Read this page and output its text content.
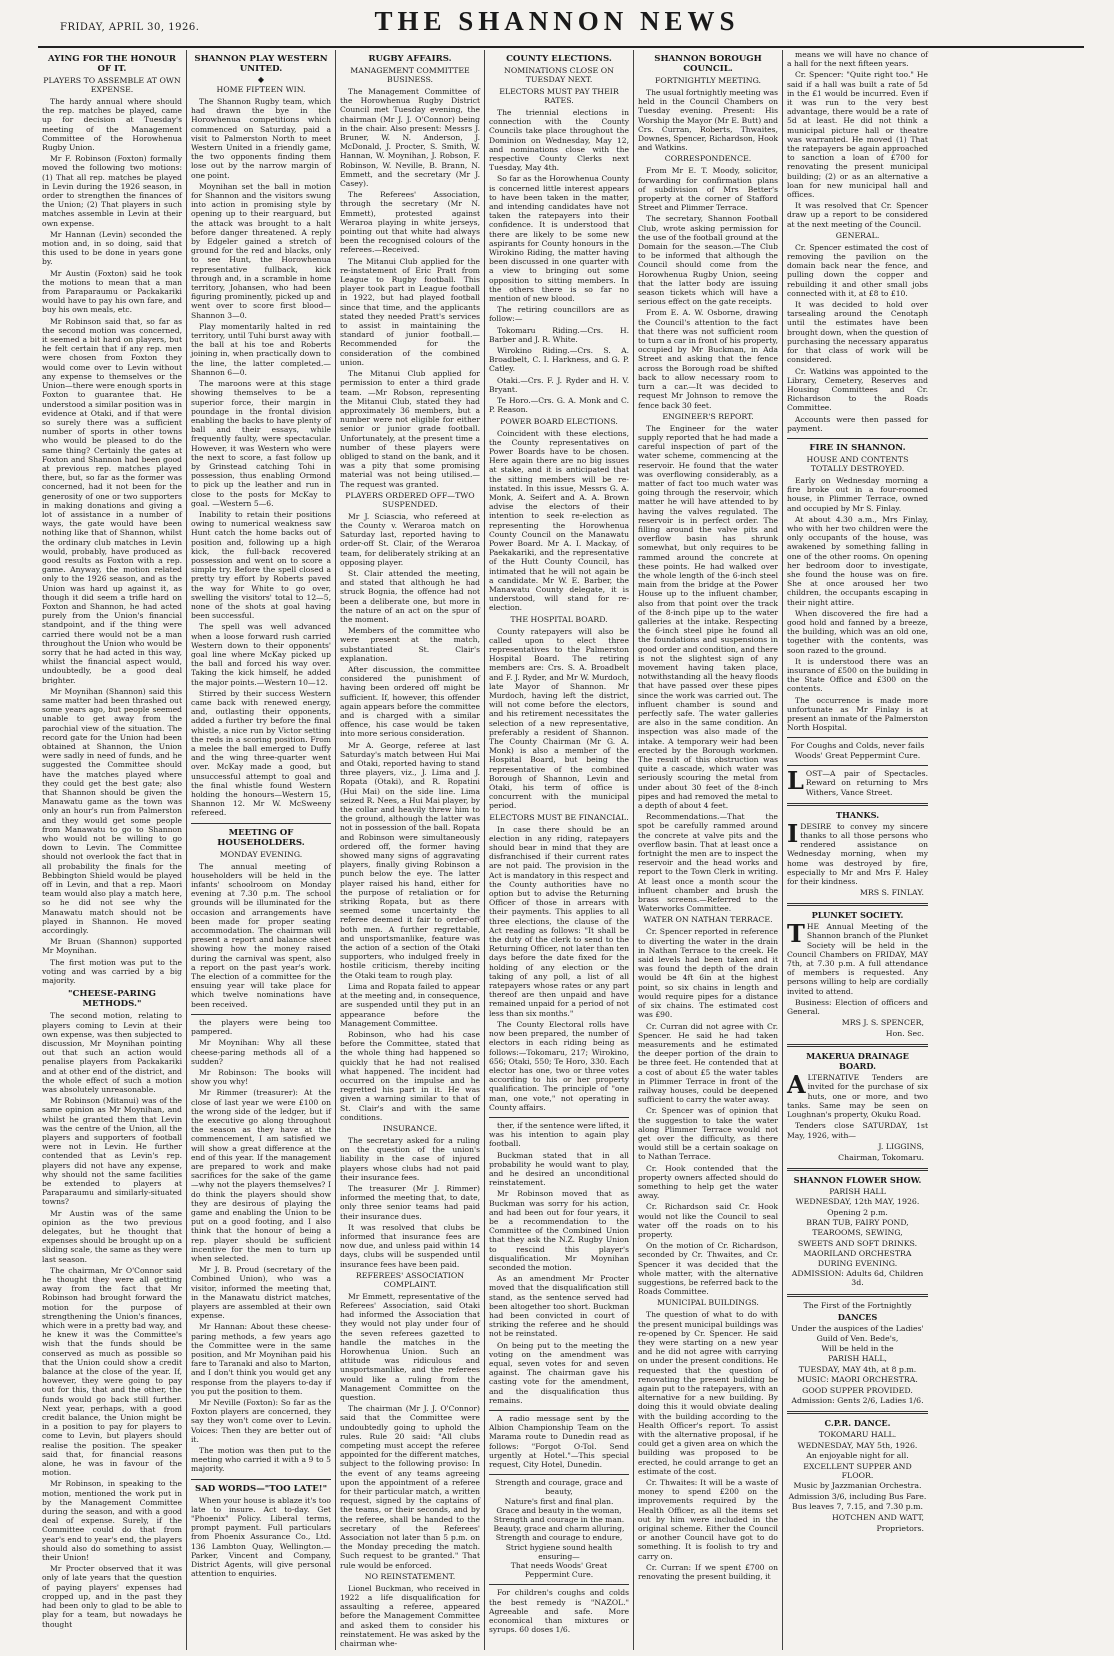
FRIDAY, APRIL 30, 1926.	THE SHANNON NEWS
AYING FOR THE HONOUR OF IT.
PLAYERS TO ASSEMBLE AT OWN EXPENSE.

The hardy annual where should the rep. matches be played, came up for decision at Tuesday's meeting of the Management Committee of the Horowhenua Rugby Union.

Mr F. Robinson (Foxton) formally moved the following two motions: (1) That all rep. matches be played in Levin during the 1926 season, in order to strengthen the finances of the Union; (2) That players in such matches assemble in Levin at their own expense.

Mr Hannan (Levin) seconded the motion and, in so doing, said that this used to be done in years gone by.

Mr Austin (Foxton) said he took the motions to mean that a man from Paraparaumu or Packakariki would have to pay his own fare, and buy his own meals, etc.

Mr Robinson said that, so far as the second motion was concerned, it seemed a bit hard on players, but he felt certain that if any rep. men were chosen from Foxton they would come over to Levin without any expense to themselves or the Union—there were enough sports in Foxton to guarantee that. He understood a similar position was in evidence at Otaki, and if that were so surely there was a sufficient number of sports in other towns who would be pleased to do the same thing? Certainly the gates at Foxton and Shannon had been good at previous rep. matches played there, but, so far as the former was concerned, had it not been for the generosity of one or two supporters in making donations and giving a lot of assistance in a number of ways, the gate would have been nothing like that of Shannon, whilst the ordinary club matches in Levin would, probably, have produced as good results as Foxton with a rep. game. Anyway, the motion related only to the 1926 season, and as the Union was hard up against it, as though it did seem a trifle hard on Foxton and Shannon, he had acted purely from the Union's financial standpoint, and if the thing were carried there would not be a man throughout the Union who would be sorry that he had acted in this way, whilst the financial aspect would, undoubtedly, be a good deal brighter.

Mr Moynihan (Shannon) said this same matter had been thrashed out some years ago, but people seemed unable to get away from the parochial view of the situation. The record gate for the Union had been obtained at Shannon, the Union were sadly in need of funds, and he suggested the Committee should have the matches played where they could get the best gate; also that Shannon should be given the Manawatu game as the town was only an hour's run from Palmerston and they would get some people from Manawatu to go to Shannon who would not be willing to go down to Levin. The Committee should not overlook the fact that in all probability the finals for the Bebbington Shield would be played off in Levin, and that a rep. Maori team would also play a match here, so he did not see why the Manawatu match should not be played in Shannon. He moved accordingly.

Mr Bruan (Shannon) supported Mr Moynihan.

The first motion was put to the voting and was carried by a big majority.

"CHEESE-PARING METHODS."

The second motion, relating to players coming to Levin at their own expense, was then subjected to discussion, Mr Moynihan pointing out that such an action would penalise players from Packakariki and at other end of the district, and the whole effect of such a motion was absolutely unreasonable.

Mr Robinson (Mitanui) was of the same opinion as Mr Moynihan, and whilst he granted them that Levin was the centre of the Union, all the players and supporters of football were not in Levin. He further contended that as Levin's rep. players did not have any expense, why should not the same facilities be extended to players at Paraparaumu and similarly-situated towns?

Mr Austin was of the same opinion as the two previous delegates, but he thought that expenses should be brought up on a sliding scale, the same as they were last season.

The chairman, Mr O'Connor said he thought they were all getting away from the fact that Mr Robinson had brought forward the motion for the purpose of strengthening the Union's finances, which were in a pretty bad way, and he knew it was the Committee's wish that the funds should be conserved as much as possible so that the Union could show a credit balance at the close of the year. If, however, they were going to pay out for this, that and the other, the funds would go back still further. Next year, perhaps, with a good credit balance, the Union might be in a position to pay for players to come to Levin, but players should realise the position. The speaker said that, for financial reasons alone, he was in favour of the motion.

Mr Robinson, in speaking to the motion, mentioned the work put in by the Management Committee during the season, and with a good deal of expense. Surely, if the Committee could do that from year's end to year's end, the players should also do something to assist their Union!

Mr Procter observed that it was only of late years that the question of paying players' expenses had cropped up, and in the past they had been only to glad to be able to play for a team, but nowadays he thought

SHANNON PLAY WESTERN UNITED.
◆
HOME FIFTEEN WIN.

The Shannon Rugby team, which had drawn the bye in the Horowhenua competitions which commenced on Saturday, paid a visit to Palmerston North to meet Western United in a friendly game, the two opponents finding them lose out by the narrow margin of one point.

Moynihan set the ball in motion for Shannon and the visitors swung into action in promising style by opening up to their rearguard, but the attack was brought to a halt before danger threatened. A reply by Edgeler gained a stretch of ground for the red and blacks, only to see Hunt, the Horowhenua representative fullback, kick through and, in a scramble in home territory, Johansen, who had been figuring prominently, picked up and went over to score first blood—Shannon 3—0.

Play momentarily halted in red territory, until Tuhi burst away with the ball at his toe and Roberts joining in, when practically down to the line, the latter completed.—Shannon 6—0.

The maroons were at this stage showing themselves to be a superior force, their margin in poundage in the frontal division enabling the backs to have plenty of ball and their essays, while frequently faulty, were spectacular. However, it was Western who were the next to score, a fast follow up by Grinstead catching Tohi in possession, thus enabling Ormond to pick up the leather and run in close to the posts for McKay to goal. —Western 5—6.

Inability to retain their positions owing to numerical weakness saw Hunt catch the home backs out of position and, following up a high kick, the full-back recovered possession and went on to score a simple try. Before the spell closed a pretty try effort by Roberts paved the way for White to go over, swelling the visitors' total to 12—5, none of the shots at goal having been successful.

The spell was well advanced when a loose forward rush carried Western down to their opponents' goal line where McKay picked up the ball and forced his way over. Taking the kick himself, he added the major points.—Western 10—12.

Stirred by their success Western came back with renewed energy, and, outlasting their opponents, added a further try before the final whistle, a nice run by Victor setting the reds in a scoring position. From a melee the ball emerged to Duffy and the wing three-quarter went over. McKay made a good, but unsuccessful attempt to goal and the final whistle found Western holding the honours—Western 15, Shannon 12. Mr W. McSweeny refereed.

MEETING OF HOUSEHOLDERS.
MONDAY EVENING.

The annual meeting of householders will be held in the infants' schoolroom on Monday evening at 7.30 p.m. The school grounds will be illuminated for the occasion and arrangements have been made for proper seating accommodation. The chairman will present a report and balance sheet showing how the money raised during the carnival was spent, also a report on the past year's work. The election of a committee for the ensuing year will take place for which twelve nominations have been received.

the players were being too pampered.

Mr Moynihan: Why all these cheese-paring methods all of a sudden?

Mr Robinson: The books will show you why!

Mr Rimmer (treasurer): At the close of last year we were £100 on the wrong side of the ledger, but if the executive go along throughout the season as they have at the commencement, I am satisfied we will show a great difference at the end of this year. If the management are prepared to work and make sacrifices for the sake of the game—why not the players themselves? I do think the players should show they are desirous of playing the game and enabling the Union to be put on a good footing, and I also think that the honour of being a rep. player should be sufficient incentive for the men to turn up when selected.

Mr J. B. Proud (secretary of the Combined Union), who was a visitor, informed the meeting that, in the Manawatu district matches, players are assembled at their own expense.

Mr Hannan: About these cheese-paring methods, a few years ago the Committee were in the same position, and Mr Moynihan paid his fare to Taranaki and also to Marton, and I don't think you would get any response from the players to-day if you put the position to them.

Mr Neville (Foxton): So far as the Foxton players are concerned, they say they won't come over to Levin. Voices: Then they are better out of it.

The motion was then put to the meeting who carried it with a 9 to 5 majority.

SAD WORDS—"TOO LATE!"

When your house is ablaze it's too late to insure. Act to-day. Get "Phoenix" Policy. Liberal terms, prompt payment. Full particulars from Phoenix Assurance Co., Ltd. 136 Lambton Quay, Wellington.—Parker, Vincent and Company, District Agents, will give personal attention to enquiries.

RUGBY AFFAIRS.
MANAGEMENT COMMITTEE BUSINESS.

The Management Committee of the Horowhenua Rugby District Council met Tuesday evening, the chairman (Mr J. J. O'Connor) being in the chair. Also present: Messrs J. Bruner, W. N. Anderson, J. McDonald, J. Procter, S. Smith, W. Hannan, W. Moynihan, J. Robson, F. Robinson, W. Neville, B. Brann, N. Emmett, and the secretary (Mr J. Casey).

The Referees' Association, through the secretary (Mr N. Emmett), protested against Weraroa playing in white jerseys, pointing out that white had always been the recognised colours of the referees.—Received.

The Mitanui Club applied for the re-instatement of Eric Pratt from League to Rugby football. This player took part in League football in 1922, but had played football since that time, and the applicants stated they needed Pratt's services to assist in maintaining the standard of junior football.—Recommended for the consideration of the combined union.

The Mitanui Club applied for permission to enter a third grade team. —Mr Robson, representing the Mitanui Club, stated they had approximately 36 members, but a number were not eligible for either senior or junior grade football. Unfortunately, at the present time a number of these players were obliged to stand on the bank, and it was a pity that some promising material was not being utilised.—The request was granted.

PLAYERS ORDERED OFF—TWO SUSPENDED.

Mr J. Sciascia, who refereed at the County v. Weraroa match on Saturday last, reported having to order-off St. Clair, of the Weraroa team, for deliberately striking at an opposing player.

St. Clair attended the meeting, and stated that although he had struck Bognia, the offence had not been a deliberate one, but more in the nature of an act on the spur of the moment.

Members of the committee who were present at the match, substantiated St. Clair's explanation.

After discussion, the committee considered the punishment of having been ordered off might be sufficient. If, however, this offender again appears before the committee and is charged with a similar offence, his case would be taken into more serious consideration.

Mr A. George, referee at last Saturday's match between Hui Mai and Otaki, reported having to stand three players, viz., J. Lima and J. Ropata (Otaki), and R. Ropatini (Hui Mai) on the side line. Lima seized R. Nees, a Hui Mai player, by the collar and heavily threw him to the ground, although the latter was not in possession of the ball. Ropata and Robinson were simultaneously ordered off, the former having showed many signs of aggravating players, finally giving Robinson a punch below the eye. The latter player raised his hand, either for the purpose of retaliation or for striking Ropata, but as there seemed some uncertainty the referee deemed it fair to order-off both men. A further regrettable, and unsportsmanlike, feature was the action of a section of the Otaki supporters, who indulged freely in hostile criticism, thereby inciting the Otaki team to rough play.

Lima and Ropata failed to appear at the meeting and, in consequence, are suspended until they put in an appearance before the Management Committee.

Robinson, who had his case before the Committee, stated that the whole thing had happened so quickly that he had not realised what happened. The incident had occurred on the impulse and he regretted his part in it. He was given a warning similar to that of St. Clair's and with the same conditions.

INSURANCE.

The secretary asked for a ruling on the question of the union's liability in the case of injured players whose clubs had not paid their insurance fees.

The treasurer (Mr J. Rimmer) informed the meeting that, to date, only three senior teams had paid their insurance dues.

It was resolved that clubs be informed that insurance fees are now due, and unless paid within 14 days, clubs will be suspended until insurance fees have been paid.

REFEREES' ASSOCIATION COMPLAINT.

Mr Emmett, representative of the Referees' Association, said Otaki had informed the Association that they would not play under four of the seven referees gazetted to handle the matches in the Horowhenua Union. Such an attitude was ridiculous and unsportsmanlike, and the referees would like a ruling from the Management Committee on the question.

The chairman (Mr J. J. O'Connor) said that the Committee were undoubtedly going to uphold the rules. Rule 20 said: "All clubs competing must accept the referee appointed for the different matches, subject to the following proviso: In the event of any teams agreeing upon the appointment of a referee for their particular match, a written request, signed by the captains of the teams, or their seconds, and by the referee, shall be handed to the secretary of the Referees' Association not later than 5 p.m. on the Monday preceding the match. Such request to be granted." That rule would be enforced.

NO REINSTATEMENT.

Lionel Buckman, who received in 1922 a life disqualification for assaulting a referee, appeared before the Management Committee and asked them to consider his reinstatement. He was asked by the chairman whe-

COUNTY ELECTIONS.
NOMINATIONS CLOSE ON TUESDAY NEXT.
ELECTORS MUST PAY THEIR RATES.

The triennial elections in connection with the County Councils take place throughout the Dominion on Wednesday, May 12, and nominations close with the respective County Clerks next Tuesday, May 4th.

So far as the Horowhenua County is concerned little interest appears to have been taken in the matter, and intending candidates have not taken the ratepayers into their confidence. It is understood that there are likely to be some new aspirants for County honours in the Wirokino Riding, the matter having been discussed in one quarter with a view to bringing out some opposition to sitting members. In the others there is so far no mention of new blood.

The retiring councillors are as follow:—

Tokomaru Riding.—Crs. H. Barber and J. R. White.

Wirokino Riding.—Crs. S. A. Broadbelt, C. I. Harkness, and G. P. Catley.

Otaki.—Crs. F. J. Ryder and H. V. Bryant.

Te Horo.—Crs. G. A. Monk and C. P. Reason.

POWER BOARD ELECTIONS.

Coincident with these elections, the County representatives on Power Boards have to be chosen. Here again there are no big issues at stake, and it is anticipated that the sitting members will be re-instated. In this issue, Messrs G. A. Monk, A. Seifert and A. A. Brown advise the electors of their intention to seek re-election as representing the Horowhenua County Council on the Manawatu Power Board. Mr A. I. Mackay, of Paekakariki, and the representative of the Hutt County Council, has intimated that he will not again be a candidate. Mr W. E. Barber, the Manawatu County delegate, it is understood, will stand for re-election.

THE HOSPITAL BOARD.

County ratepayers will also be called upon to elect three representatives to the Palmerston Hospital Board. The retiring members are: Crs. S. A. Broadbelt and F. J. Ryder, and Mr W. Murdoch, late Mayor of Shannon. Mr Murdoch, having left the district, will not come before the electors, and his retirement necessitates the selection of a new representative, preferably a resident of Shannon. The County Chairman (Mr G. A. Monk) is also a member of the Hospital Board, but being the representative of the combined Borough of Shannon, Levin and Otaki, his term of office is concurrent with the municipal period.

ELECTORS MUST BE FINANCIAL.

In case there should be an election in any riding, ratepayers should bear in mind that they are disfranchised if their current rates are not paid. The provision in the Act is mandatory in this respect and the County authorities have no option but to advise the Returning Officer of those in arrears with their payments. This applies to all three elections, the clause of the Act reading as follows: "It shall be the duty of the clerk to send to the Returning Officer, not later than ten days before the date fixed for the holding of any election or the taking of any poll, a list of all ratepayers whose rates or any part thereof are then unpaid and have remained unpaid for a period of not less than six months."

The County Electoral rolls have now been prepared, the number of electors in each riding being as follows:—Tokomaru, 217; Wirokino, 656; Otaki, 550; Te Horo, 330. Each elector has one, two or three votes according to his or her property qualification. The principle of "one man, one vote," not operating in County affairs.

ther, if the sentence were lifted, it was his intention to again play football.

Buckman stated that in all probability he would want to play, and he desired an unconditional reinstatement.

Mr Robinson moved that as Buckman was sorry for his action, and had been out for four years, it be a recommendation to the Committee of the Combined Union that they ask the N.Z. Rugby Union to rescind this player's disqualification. Mr Moynihan seconded the motion.

As an amendment Mr Procter moved that the disqualification still stand, as the sentence served had been altogether too short. Buckman had been convicted in court of striking the referee and he should not be reinstated.

On being put to the meeting the voting on the amendment was equal, seven votes for and seven against. The chairman gave his casting vote for the amendment, and the disqualification thus remains.

A radio message sent by the Albion Championship Team on the Marama route to Dunedin read as follows: "Forgot O-Tol. Send urgently at Hotel."—This special request, City Hotel, Dunedin.

Strength and courage, grace and beauty,
Nature's first and final plan.
Grace and beauty in the woman,
Strength and courage in the man.
Beauty, grace and charm alluring,
Strength and courage to endure,
Strict hygiene sound health ensuring—
That needs Woods' Great Peppermint Cure.

For children's coughs and colds the best remedy is "NAZOL." Agreeable and safe. More economical than mixtures or syrups. 60 doses 1/6.

SHANNON BOROUGH COUNCIL.
FORTNIGHTLY MEETING.

The usual fortnightly meeting was held in the Council Chambers on Tuesday evening. Present: His Worship the Mayor (Mr E. Butt) and Crs. Curran, Roberts, Thwaites, Downes, Spencer, Richardson, Hook and Watkins.

CORRESPONDENCE.

From Mr E. T. Moody, solicitor, forwarding for confirmation plans of subdivision of Mrs Better's property at the corner of Stafford Street and Plimmer Terrace.

The secretary, Shannon Football Club, wrote asking permission for the use of the football ground at the Domain for the season.—The Club to be informed that although the Council should come from the Horowhenua Rugby Union, seeing that the latter body are issuing season tickets which will have a serious effect on the gate receipts.

From E. A. W. Osborne, drawing the Council's attention to the fact that there was not sufficient room to turn a car in front of his property, occupied by Mr Buckman, in Ada Street and asking that the fence across the Borough road be shifted back to allow necessary room to turn a car.—It was decided to request Mr Johnson to remove the fence back 30 feet.

ENGINEER'S REPORT.

The Engineer for the water supply reported that he had made a careful inspection of part of the water scheme, commencing at the reservoir. He found that the water was overflowing considerably, as a matter of fact too much water was going through the reservoir, which matter he will have attended to by having the valves regulated. The reservoir is in perfect order. The filling around the valve pits and overflow basin has shrunk somewhat, but only requires to be rammed around the concrete at these points. He had walked over the whole length of the 6-inch steel main from the bridge at the Power House up to the influent chamber, also from that point over the track of the 8-inch pipe up to the water galleries at the intake. Respecting the 6-inch steel pipe he found all the foundations and suspensions in good order and condition, and there is not the slightest sign of any movement having taken place, notwithstanding all the heavy floods that have passed over these pipes since the work was carried out. The influent chamber is sound and perfectly safe. The water galleries are also in the same condition. An inspection was also made of the intake. A temporary weir had been erected by the Borough workmen. The result of this obstruction was quite a cascade, which water was seriously scouring the metal from under about 30 feet of the 8-inch pipes and had removed the metal to a depth of about 4 feet.

Recommendations.—That the spot be carefully rammed around the concrete at valve pits and the overflow basin. That at least once a fortnight the men are to inspect the reservoir and the head works and report to the Town Clerk in writing. At least once a month scour the influent chamber and brush the brass screens.—Referred to the Waterworks Committee.

WATER ON NATHAN TERRACE.

Cr. Spencer reported in reference to diverting the water in the drain in Nathan Terrace to the creek. He said levels had been taken and it was found the depth of the drain would be 4ft 6in at the highest point, so six chains in length and would require pipes for a distance of six chains. The estimated cost was £90.

Cr. Curran did not agree with Cr. Spencer. He said he had taken measurements and he estimated the deeper portion of the drain to be three feet. He contended that at a cost of about £5 the water tables in Plimmer Terrace in front of the railway houses, could be deepened sufficient to carry the water away.

Cr. Spencer was of opinion that the suggestion to take the water along Plimmer Terrace would not get over the difficulty, as there would still be a certain soakage on to Nathan Terrace.

Cr. Hook contended that the property owners affected should do something to help get the water away.

Cr. Richardson said Cr. Hook would not like the Council to seal water off the roads on to his property.

On the motion of Cr. Richardson, seconded by Cr. Thwaites, and Cr. Spencer it was decided that the whole matter, with the alternative suggestions, be referred back to the Roads Committee.

MUNICIPAL BUILDINGS.

The question of what to do with the present municipal buildings was re-opened by Cr. Spencer. He said they were starting on a new year and he did not agree with carrying on under the present conditions. He requested that the question of renovating the present building be again put to the ratepayers, with an alternative for a new building. By doing this it would obviate dealing with the building according to the Health Officer's report. To assist with the alternative proposal, if he could get a given area on which the building was proposed to be erected, he could arrange to get an estimate of the cost.

Cr. Thwaites: It will be a waste of money to spend £200 on the improvements required by the Health Officer, as all the items set out by him were included in the original scheme. Either the Council or another Council have got to do something. It is foolish to try and carry on.

Cr. Curran: If we spent £700 on renovating the present building, it

means we will have no chance of a hall for the next fifteen years.

Cr. Spencer: "Quite right too." He said if a hall was built a rate of 5d in the £1 would be incurred. Even if it was run to the very best advantage, there would be a rate of 5d at least. He did not think a municipal picture hall or theatre was warranted. He moved (1) That the ratepayers be again approached to sanction a loan of £700 for renovating the present municipal building; (2) or as an alternative a loan for new municipal hall and offices.

It was resolved that Cr. Spencer draw up a report to be considered at the next meeting of the Council.

GENERAL.

Cr. Spencer estimated the cost of removing the pavilion on the domain back near the fence, and pulling down the copper and rebuilding it and other small jobs connected with it, at £8 to £10.

It was decided to hold over tarsealing around the Cenotaph until the estimates have been brought down, when the question of purchasing the necessary apparatus for that class of work will be considered.

Cr. Watkins was appointed to the Library, Cemetery, Reserves and Housing Committees and Cr. Richardson to the Roads Committee.

Accounts were then passed for payment.

FIRE IN SHANNON.
HOUSE AND CONTENTS TOTALLY DESTROYED.

Early on Wednesday morning a fire broke out in a four-roomed house, in Plimmer Terrace, owned and occupied by Mr S. Finlay.

At about 4.30 a.m., Mrs Finlay, who with her two children were the only occupants of the house, was awakened by something falling in one of the other rooms. On opening her bedroom door to investigate, she found the house was on fire. She at once aroused her two children, the occupants escaping in their night attire.

When discovered the fire had a good hold and fanned by a breeze, the building, which was an old one, together with the contents, was soon razed to the ground.

It is understood there was an insurance of £500 on the building in the State Office and £300 on the contents.

The occurrence is made more unfortunate as Mr Finlay is at present an inmate of the Palmerston North Hospital.

For Coughs and Colds, never fails Woods' Great Peppermint Cure.

LOST—A pair of Spectacles. Reward on returning to Mrs Withers, Vance Street.

THANKS.

IDESIRE to convey my sincere thanks to all those persons who rendered assistance on Wednesday morning, when my home was destroyed by fire, especially to Mr and Mrs F. Haley for their kindness.

MRS S. FINLAY.
PLUNKET SOCIETY.

THE Annual Meeting of the Shannon branch of the Plunket Society will be held in the Council Chambers on FRIDAY, MAY 7th, at 7.30 p.m. A full attendance of members is requested. Any persons willing to help are cordially invited to attend.

Business: Election of officers and General.

MRS J. S. SPENCER,
Hon. Sec.
MAKERUA DRAINAGE BOARD.

ALTERNATIVE Tenders are invited for the purchase of six huts, one or more, and two tanks. Same may be seen on Loughnan's property, Okuku Road.

Tenders close SATURDAY, 1st May, 1926, with—

J. LIGGINS,
Chairman, Tokomaru.
SHANNON FLOWER SHOW.
PARISH HALL
WEDNESDAY, 12th MAY, 1926.
Opening 2 p.m.
BRAN TUB, FAIRY POND,
TEAROOMS, SEWING,
SWEETS AND SOFT DRINKS.
MAORILAND ORCHESTRA DURING EVENING.
ADMISSION: Adults 6d, Children 3d.
The First of the Fortnightly
DANCES
Under the auspices of the Ladies' Guild of Ven. Bede's,
Will be held in the
PARISH HALL,
TUESDAY, MAY 4th, at 8 p.m.
MUSIC: MAORI ORCHESTRA.
GOOD SUPPER PROVIDED.
Admission: Gents 2/6, Ladies 1/6.
C.P.R. DANCE.
TOKOMARU HALL.
WEDNESDAY, MAY 5th, 1926.
An enjoyable night for all.
EXCELLENT SUPPER AND FLOOR.
Music by Jazzmanian Orchestra.
Admission 3/6, including Bus Fare.
Bus leaves 7, 7.15, and 7.30 p.m.
HOTCHEN AND WATT,
Proprietors.
